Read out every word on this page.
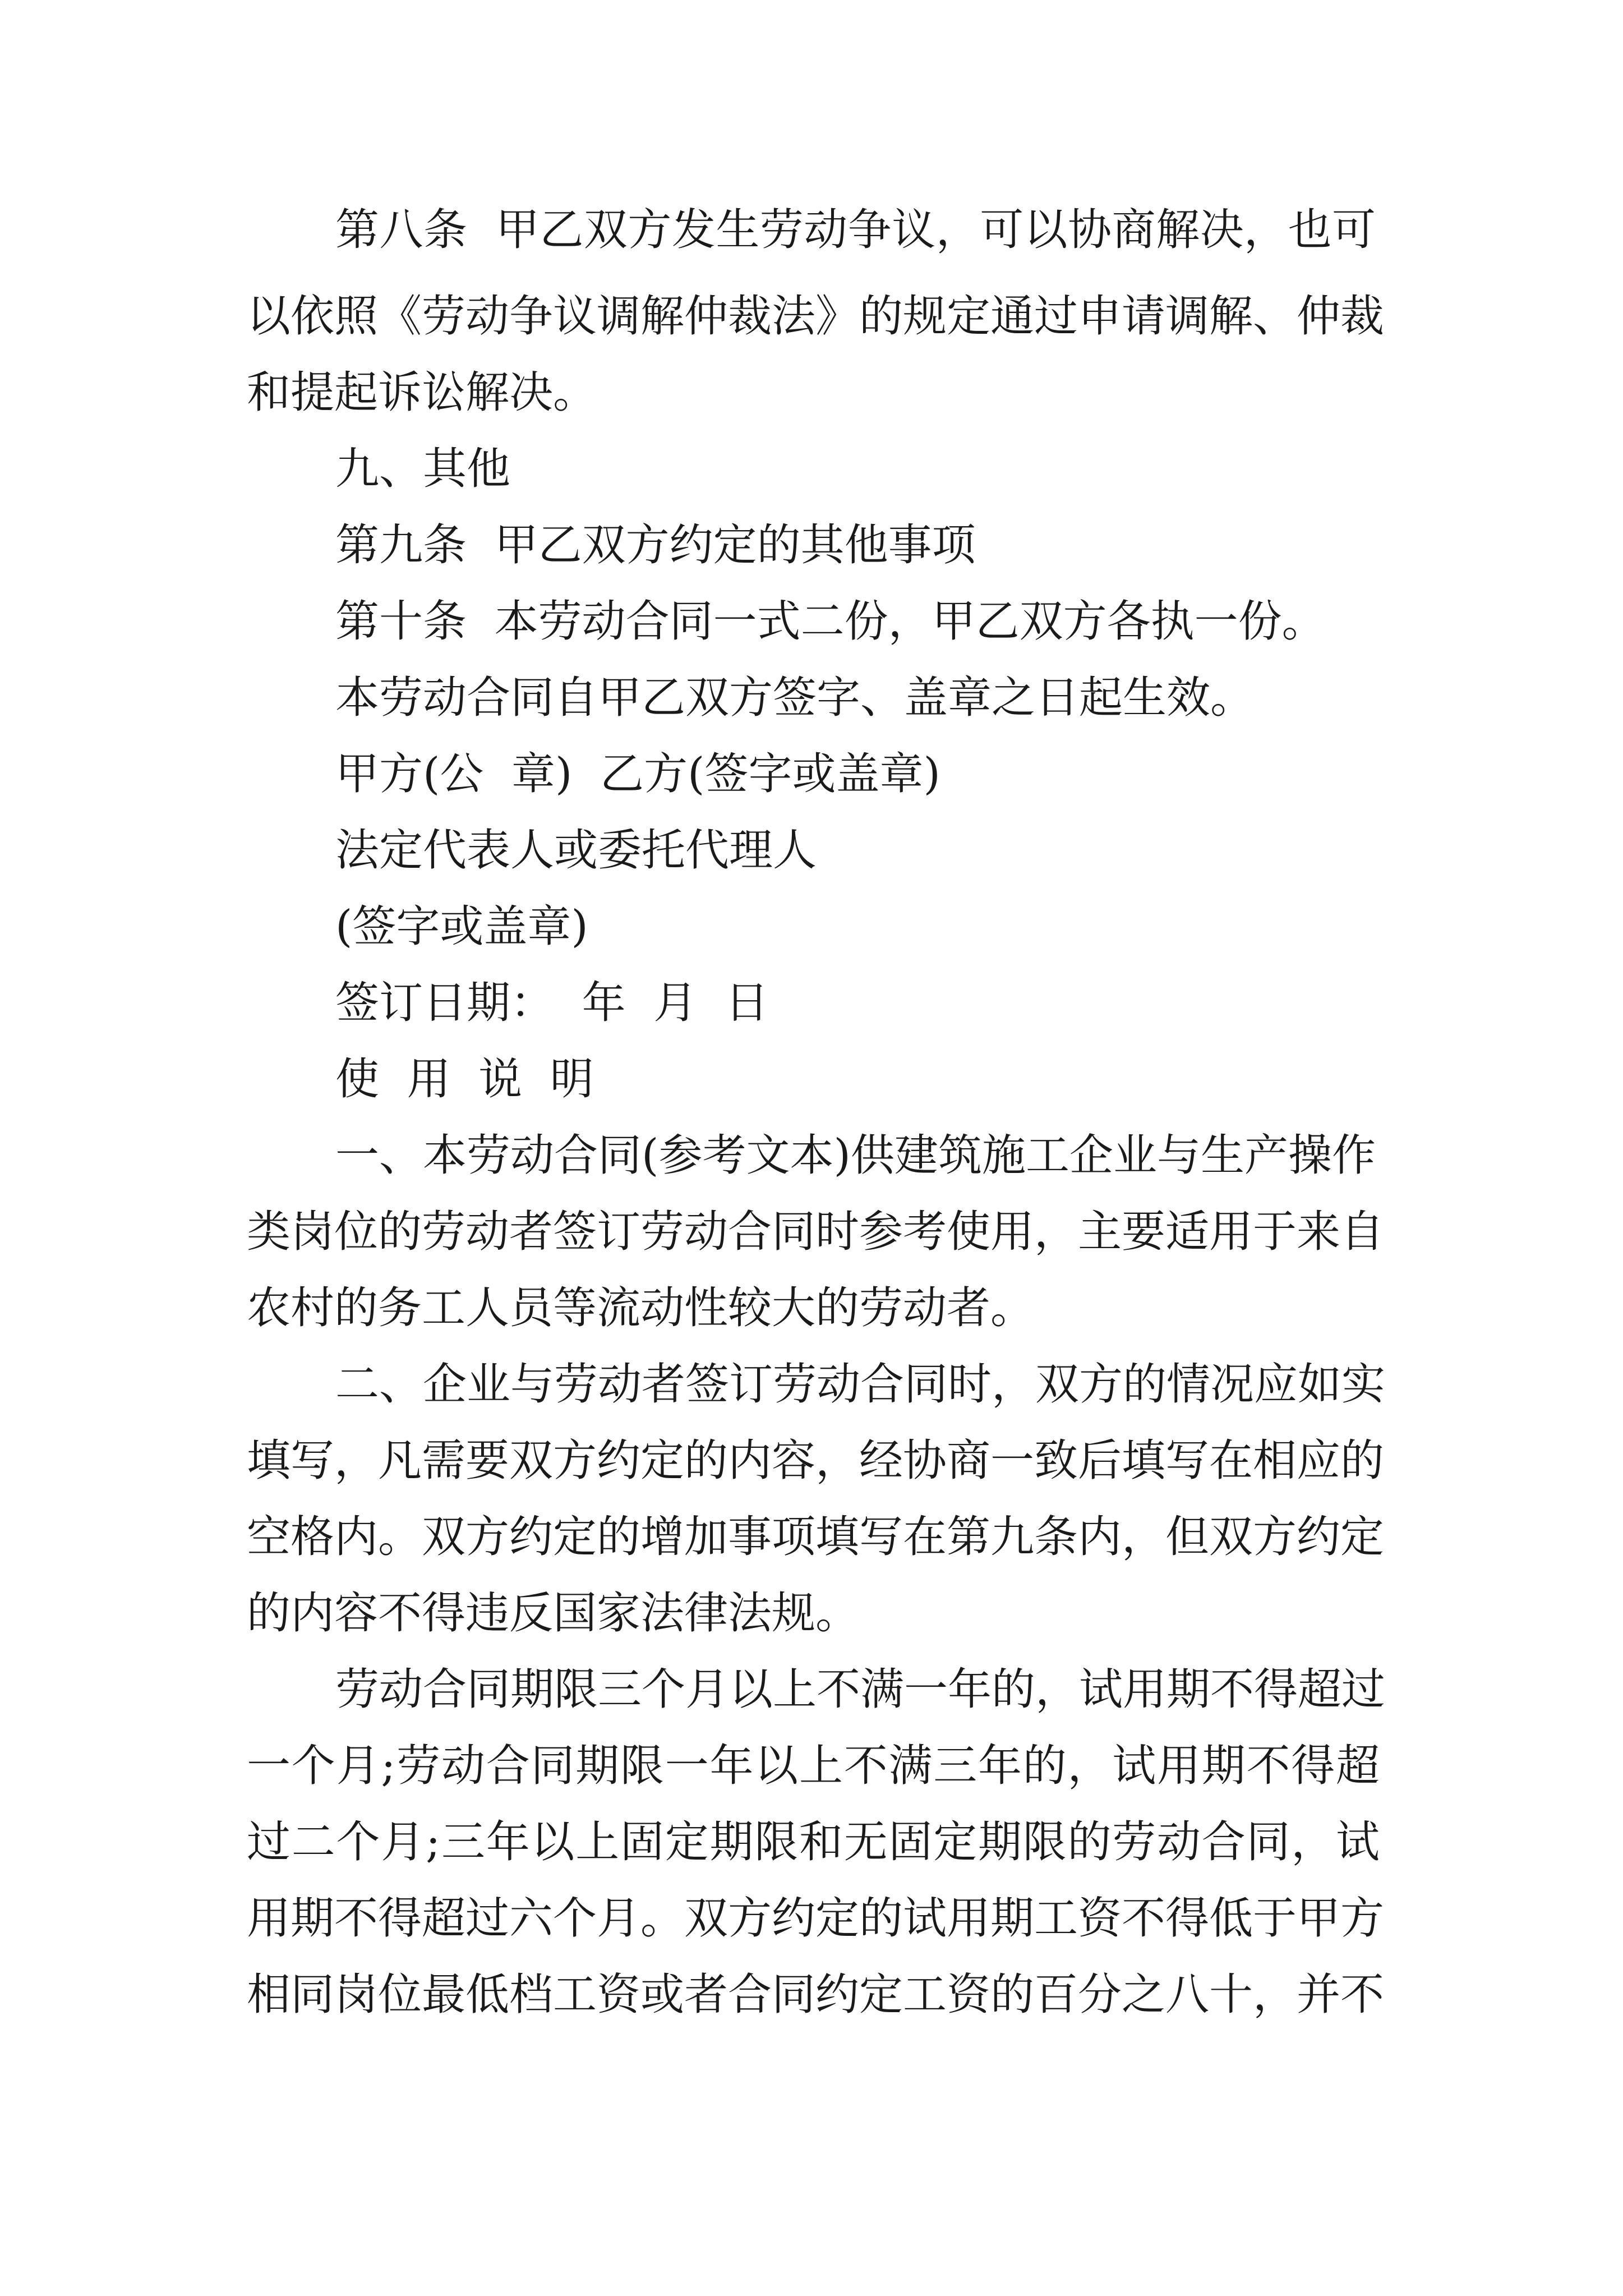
第八条  甲乙双方发生劳动争议，可以协商解决，也可
以依照《劳动争议调解仲裁法》的规定通过申请调解、仲裁
和提起诉讼解决。
九、其他
第九条  甲乙双方约定的其他事项
第十条  本劳动合同一式二份，甲乙双方各执一份。
本劳动合同自甲乙双方签字、盖章之日起生效。
甲方(公  章)  乙方(签字或盖章)
法定代表人或委托代理人
(签字或盖章)
签订日期：  年  月  日
使  用  说  明
一、本劳动合同(参考文本)供建筑施工企业与生产操作
类岗位的劳动者签订劳动合同时参考使用，主要适用于来自
农村的务工人员等流动性较大的劳动者。
二、企业与劳动者签订劳动合同时，双方的情况应如实
填写，凡需要双方约定的内容，经协商一致后填写在相应的
空格内。双方约定的增加事项填写在第九条内，但双方约定
的内容不得违反国家法律法规。
劳动合同期限三个月以上不满一年的，试用期不得超过
一个月;劳动合同期限一年以上不满三年的，试用期不得超
过二个月;三年以上固定期限和无固定期限的劳动合同，试
用期不得超过六个月。双方约定的试用期工资不得低于甲方
相同岗位最低档工资或者合同约定工资的百分之八十，并不
